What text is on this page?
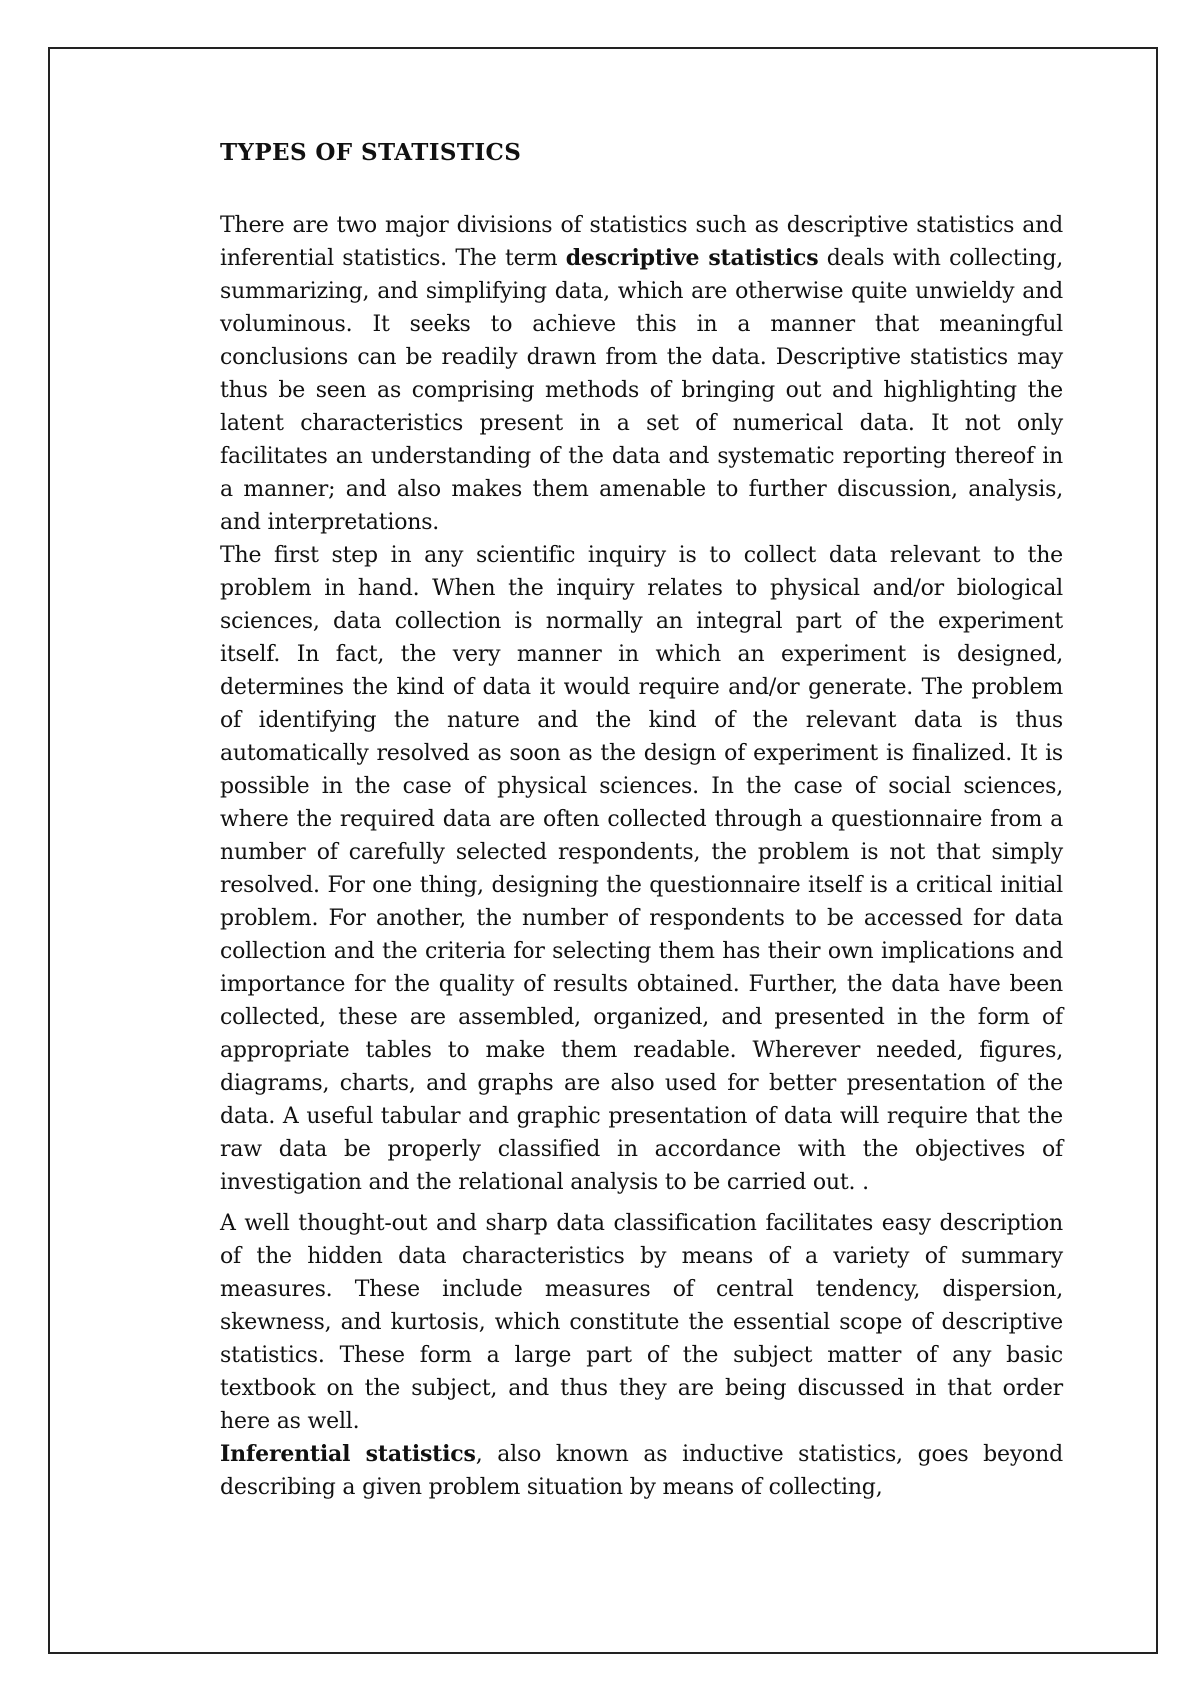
TYPES OF STATISTICS

There are two major divisions of statistics such as descriptive statistics and inferential statistics. The term descriptive statistics deals with collecting, summarizing, and simplifying data, which are otherwise quite unwieldy and voluminous. It seeks to achieve this in a manner that meaningful conclusions can be readily drawn from the data. Descriptive statistics may thus be seen as comprising methods of bringing out and highlighting the latent characteristics present in a set of numerical data. It not only facilitates an understanding of the data and systematic reporting thereof in a manner; and also makes them amenable to further discussion, analysis, and interpretations.

The first step in any scientific inquiry is to collect data relevant to the problem in hand. When the inquiry relates to physical and/or biological sciences, data collection is normally an integral part of the experiment itself. In fact, the very manner in which an experiment is designed, determines the kind of data it would require and/or generate. The problem of identifying the nature and the kind of the relevant data is thus automatically resolved as soon as the design of experiment is finalized. It is possible in the case of physical sciences. In the case of social sciences, where the required data are often collected through a questionnaire from a number of carefully selected respondents, the problem is not that simply resolved. For one thing, designing the questionnaire itself is a critical initial problem. For another, the number of respondents to be accessed for data collection and the criteria for selecting them has their own implications and importance for the quality of results obtained. Further, the data have been collected, these are assembled, organized, and presented in the form of appropriate tables to make them readable. Wherever needed, figures, diagrams, charts, and graphs are also used for better presentation of the data. A useful tabular and graphic presentation of data will require that the raw data be properly classified in accordance with the objectives of investigation and the relational analysis to be carried out. .

A well thought-out and sharp data classification facilitates easy description of the hidden data characteristics by means of a variety of summary measures. These include measures of central tendency, dispersion, skewness, and kurtosis, which constitute the essential scope of descriptive statistics. These form a large part of the subject matter of any basic textbook on the subject, and thus they are being discussed in that order here as well.

Inferential statistics, also known as inductive statistics, goes beyond describing a given problem situation by means of collecting,
